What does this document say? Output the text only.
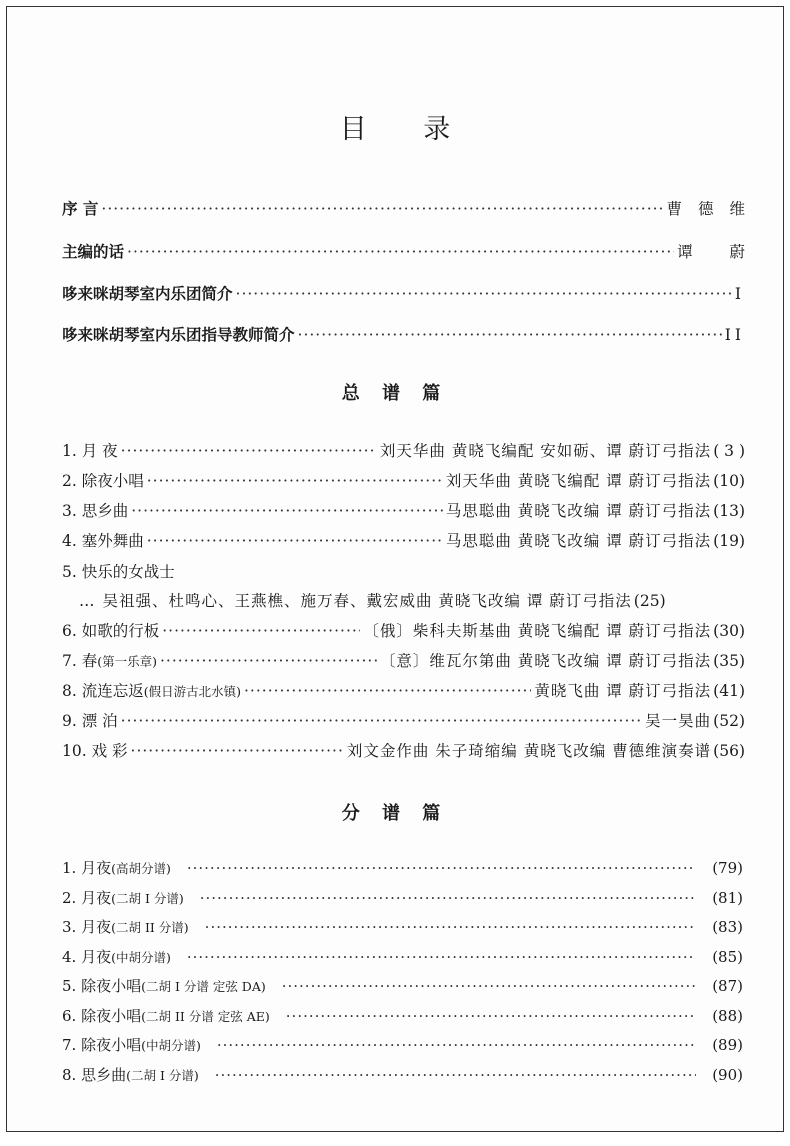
目 录
序 言 ·····	曹德维
主编的话 ·····	谭 蔚
哆来咪胡琴室内乐团简介 ·····	I
哆来咪胡琴室内乐团指导教师简介 ·····	II
总 谱 篇
1. 月 夜 ·····	刘天华曲 黄晓飞编配 安如砺、谭 蔚订弓指法 ( 3 )
2. 除夜小唱 ·····	刘天华曲 黄晓飞编配 谭 蔚订弓指法 (10)
3. 思乡曲 ·····	马思聪曲 黄晓飞改编 谭 蔚订弓指法 (13)
4. 塞外舞曲 ·····	马思聪曲 黄晓飞改编 谭 蔚订弓指法 (19)
5. 快乐的女战士
… 吴祖强、杜鸣心、王燕樵、施万春、戴宏威曲 黄晓飞改编 谭 蔚订弓指法 (25)
6. 如歌的行板 ·····	〔俄〕柴科夫斯基曲 黄晓飞编配 谭 蔚订弓指法 (30)
7. 春 (第一乐章) ·····	〔意〕维瓦尔第曲 黄晓飞改编 谭 蔚订弓指法 (35)
8. 流连忘返 (假日游古北水镇) ·····	黄晓飞曲 谭 蔚订弓指法 (41)
9. 漂 泊 ·····	吴一昊曲 (52)
10. 戏 彩 ·····	刘文金作曲 朱子琦缩编 黄晓飞改编 曹德维演奏谱 (56)
分 谱 篇
1. 月夜 (高胡分谱) ·····	(79)
2. 月夜 (二胡 I 分谱) ·····	(81)
3. 月夜 (二胡 II 分谱) ·····	(83)
4. 月夜 (中胡分谱) ·····	(85)
5. 除夜小唱 (二胡 I 分谱 定弦 DA) ·····	(87)
6. 除夜小唱 (二胡 II 分谱 定弦 AE) ·····	(88)
7. 除夜小唱 (中胡分谱) ·····	(89)
8. 思乡曲 (二胡 I 分谱) ·····	(90)
